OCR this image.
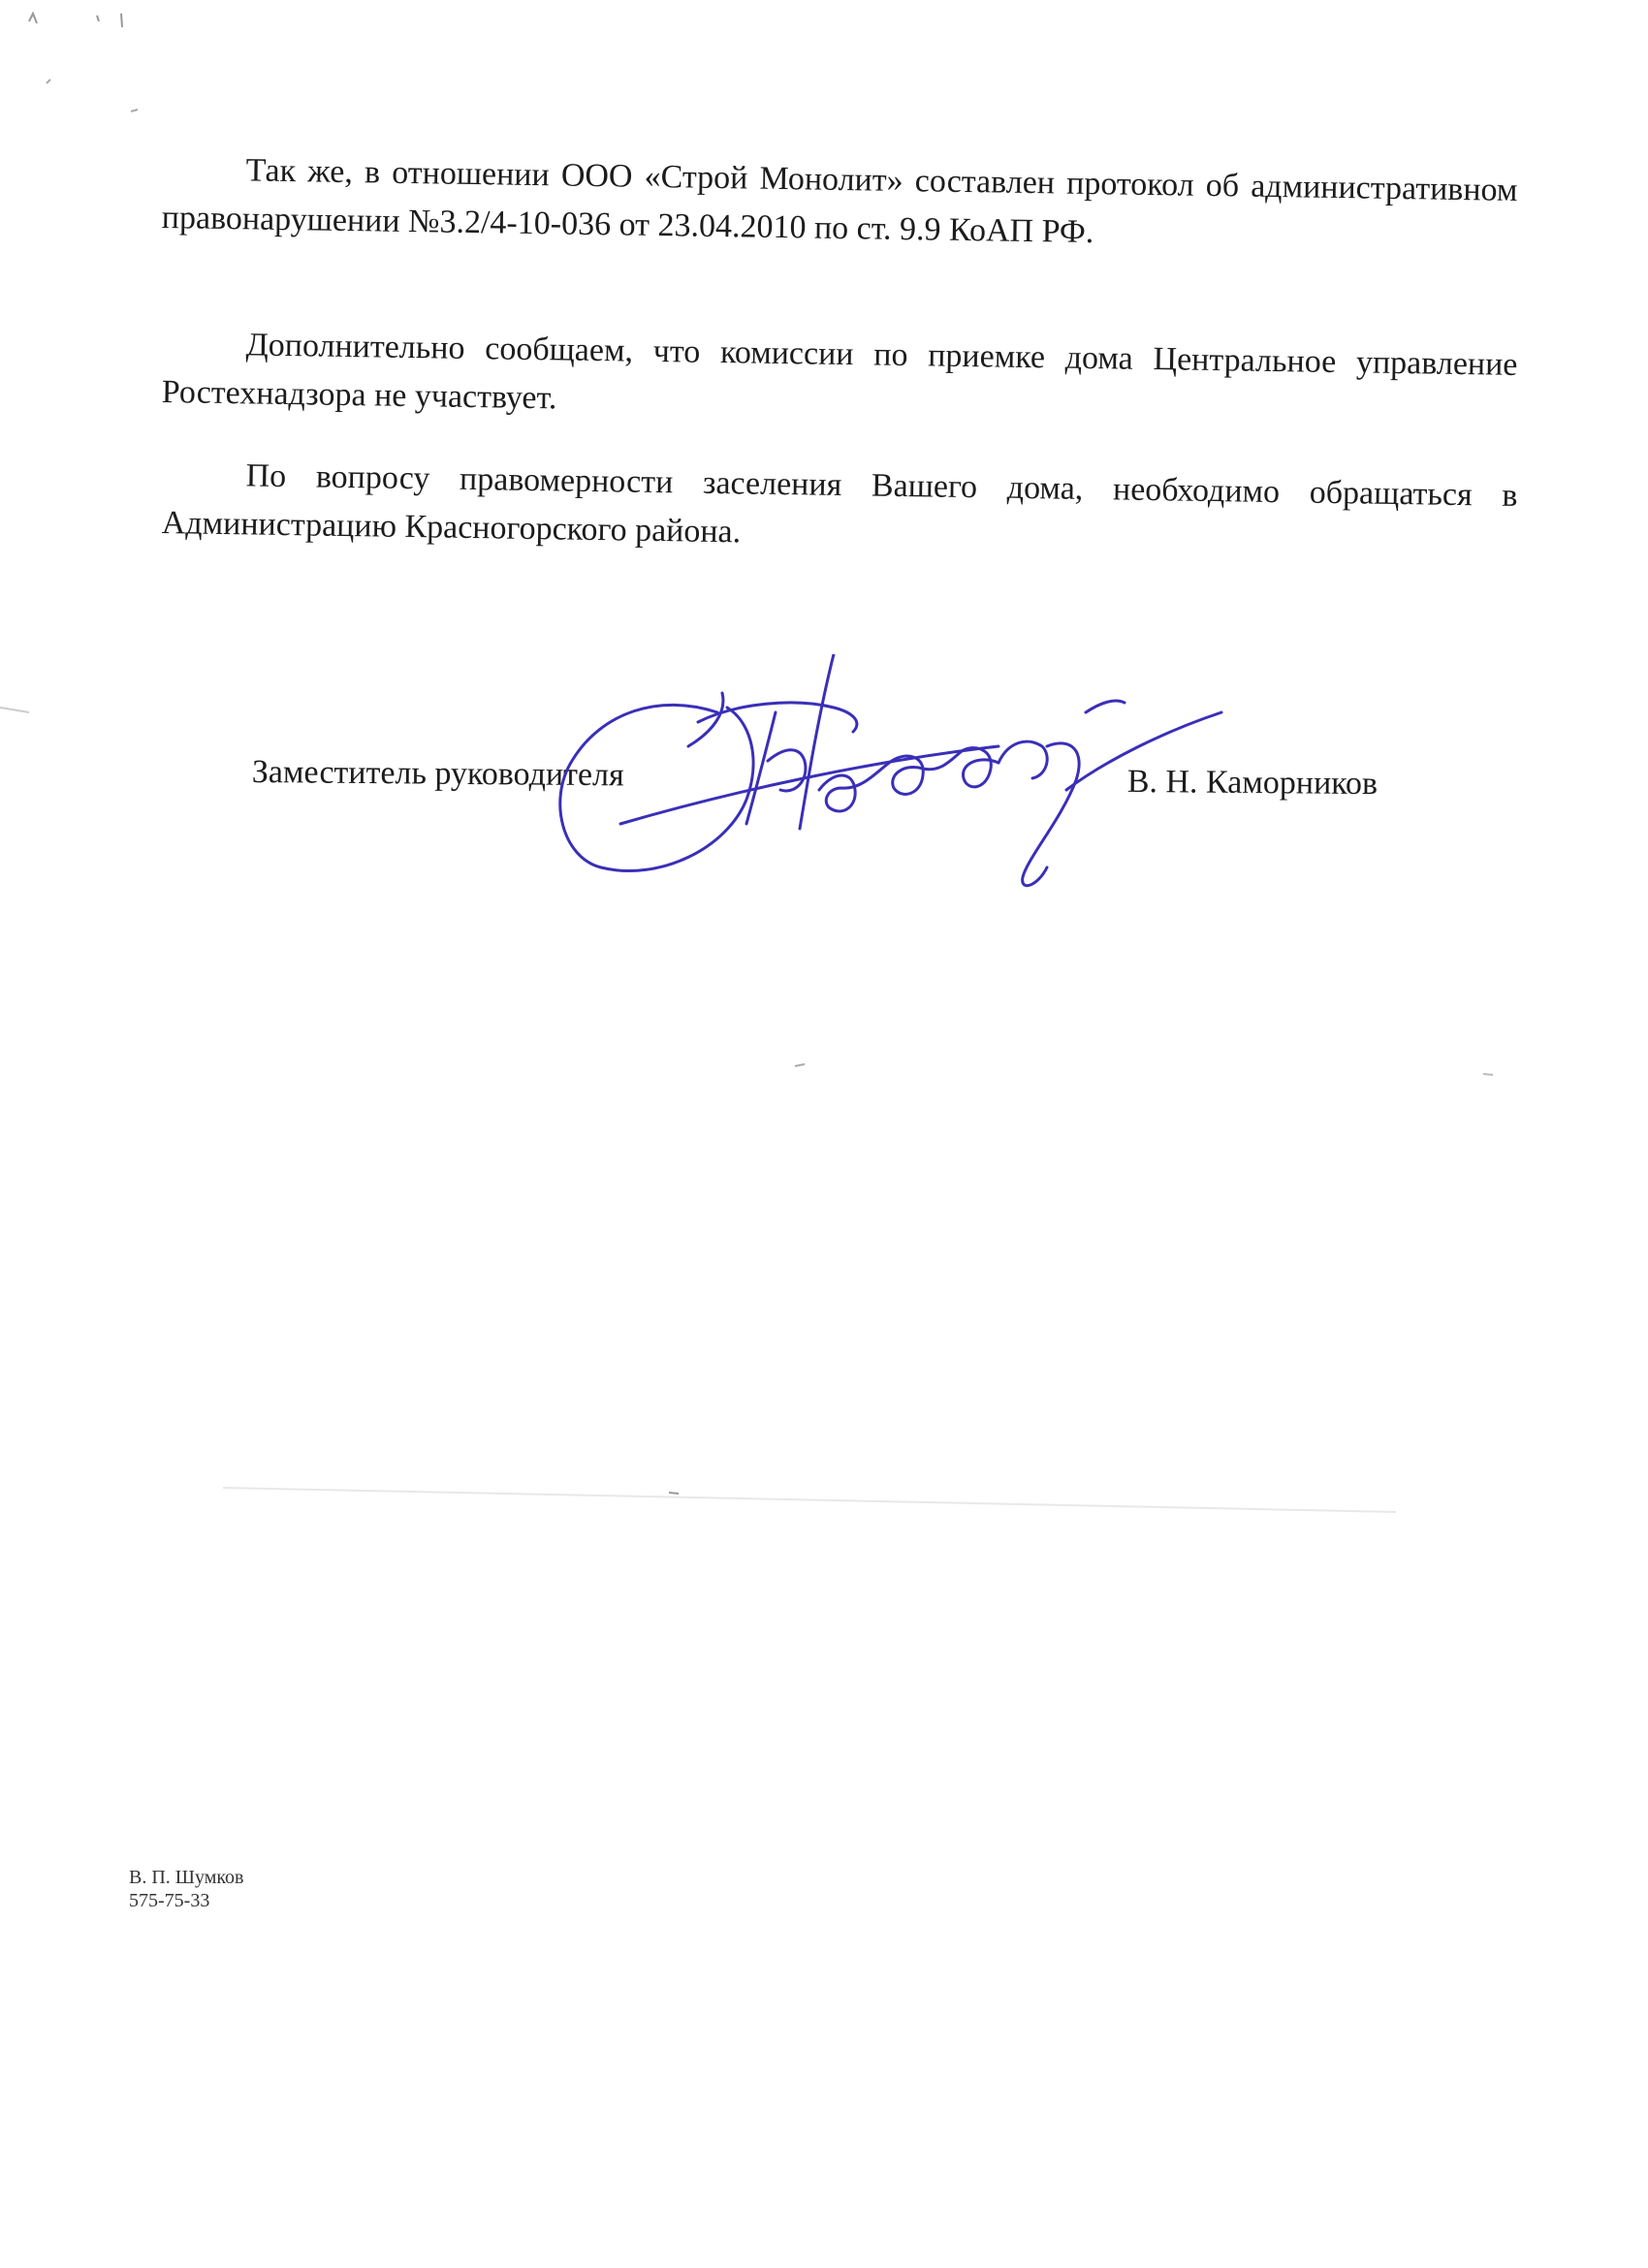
Так же, в отношении ООО «Строй Монолит» составлен протокол об административном правонарушении №3.2/4-10-036 от 23.04.2010 по ст. 9.9 КоАП РФ.

Дополнительно сообщаем, что комиссии по приемке дома Центральное управление Ростехнадзора не участвует.

По вопросу правомерности заселения Вашего дома, необходимо обращаться в Администрацию Красногорского района.

Заместитель руководителя	В. Н. Каморников
В. П. Шумков
575-75-33
